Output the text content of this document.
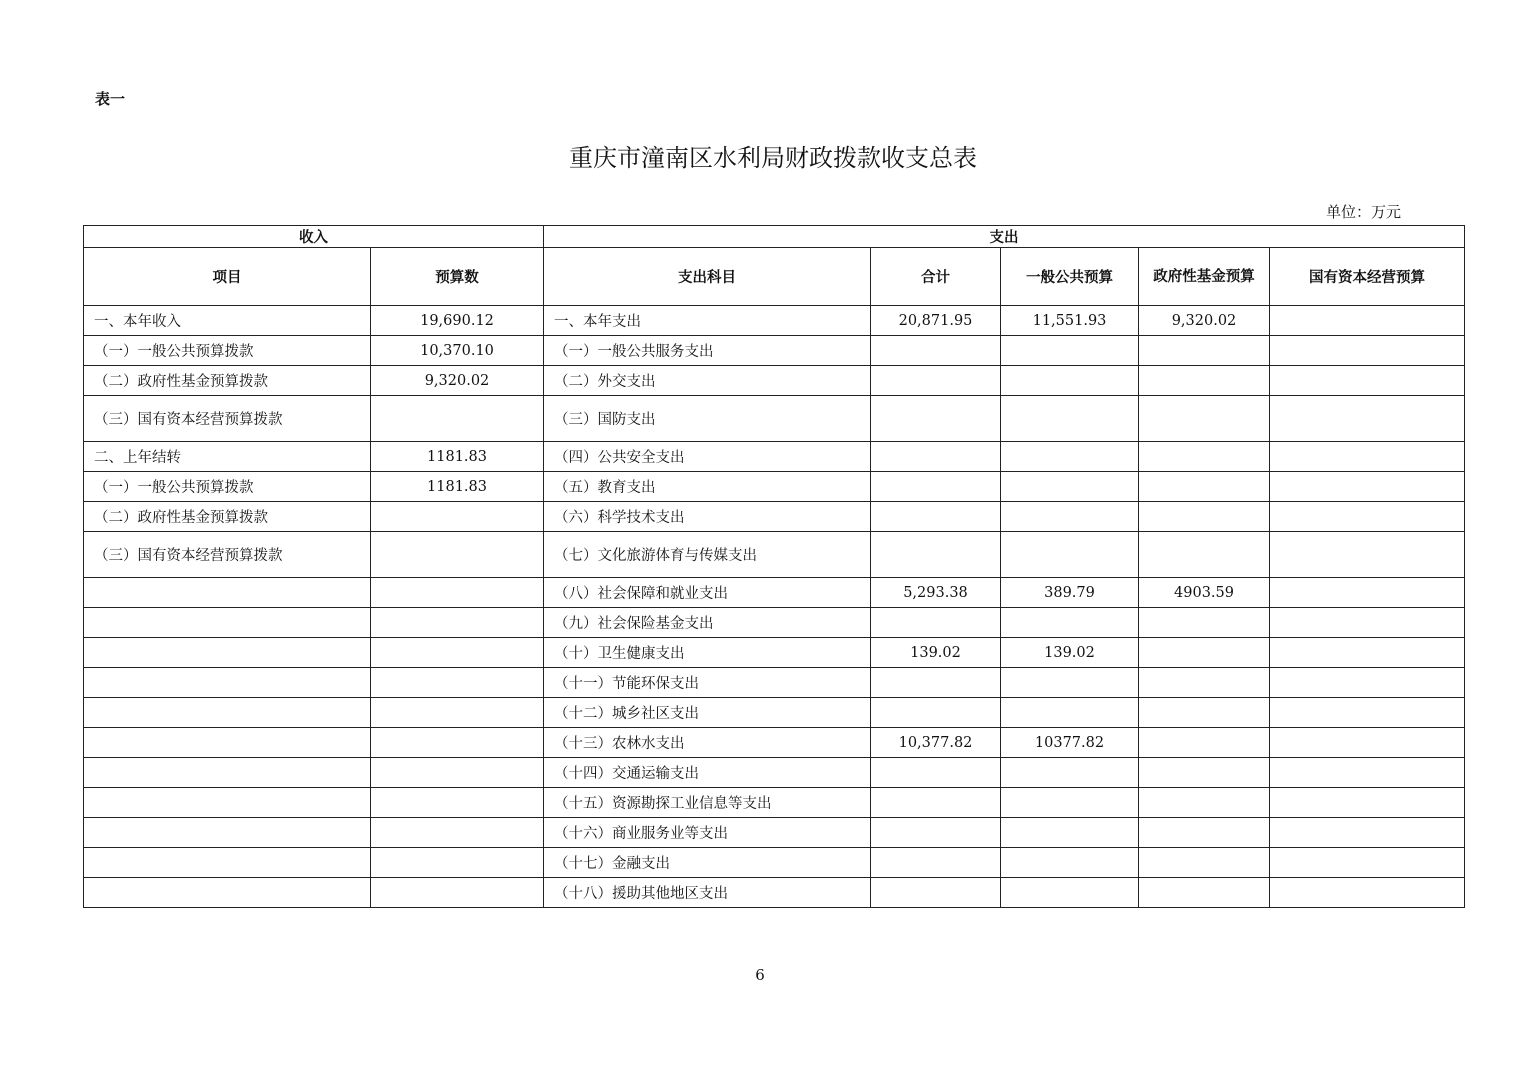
表一
重庆市潼南区水利局财政拨款收支总表
单位：万元
收入		支出				
项目	预算数	支出科目	合计	一般公共预算	政府性基金预算	国有资本经营预算
一、本年收入	19,690.12	一、本年支出	20,871.95	11,551.93	9,320.02	
（一）一般公共预算拨款	10,370.10	（一）一般公共服务支出				
（二）政府性基金预算拨款	9,320.02	（二）外交支出				
（三）国有资本经营预算拨款		（三）国防支出				
二、上年结转	1181.83	（四）公共安全支出				
（一）一般公共预算拨款	1181.83	（五）教育支出				
（二）政府性基金预算拨款		（六）科学技术支出				
（三）国有资本经营预算拨款		（七）文化旅游体育与传媒支出				
		（八）社会保障和就业支出	5,293.38	389.79	4903.59	
		（九）社会保险基金支出				
		（十）卫生健康支出	139.02	139.02		
		（十一）节能环保支出				
		（十二）城乡社区支出				
		（十三）农林水支出	10,377.82	10377.82		
		（十四）交通运输支出				
		（十五）资源勘探工业信息等支出				
		（十六）商业服务业等支出				
		（十七）金融支出				
		（十八）援助其他地区支出				
6
